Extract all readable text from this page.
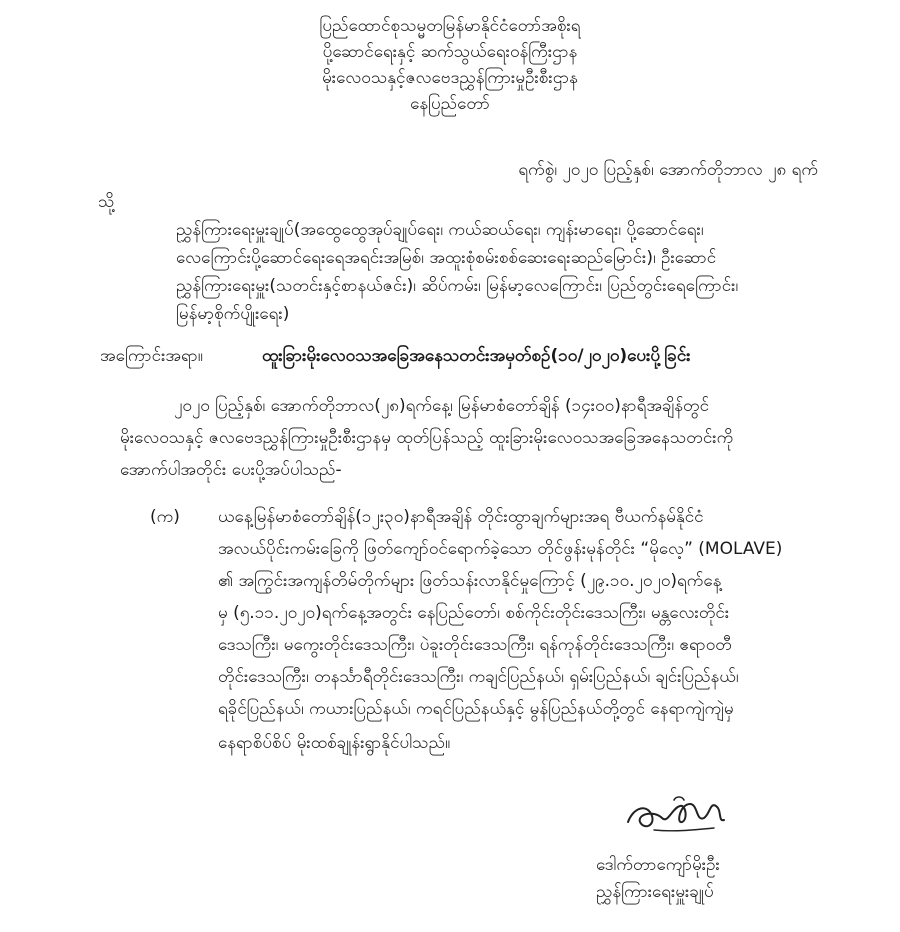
ပြည်ထောင်စုသမ္မတမြန်မာနိုင်ငံတော်အစိုးရ
ပို့ဆောင်ရေးနှင့် ဆက်သွယ်ရေးဝန်ကြီးဌာန
မိုးလေဝသနှင့်ဇလဗေဒညွှန်ကြားမှုဦးစီးဌာန
နေပြည်တော်
ရက်စွဲ၊ ၂၀၂၀ ပြည့်နှစ်၊ အောက်တိုဘာလ ၂၈ ရက်
သို့
ညွှန်ကြားရေးမှူးချုပ်(အထွေထွေအုပ်ချုပ်ရေး၊ ကယ်ဆယ်ရေး၊ ကျန်းမာရေး၊ ပို့ဆောင်ရေး၊
လေကြောင်းပို့ဆောင်ရေးရေအရင်းအမြစ်၊ အထူးစုံစမ်းစစ်ဆေးရေးဆည်မြောင်း)၊ ဦးဆောင်
ညွှန်ကြားရေးမှူး(သတင်းနှင့်စာနယ်ဇင်း)၊ ဆိပ်ကမ်း၊ မြန်မာ့လေကြောင်း၊ ပြည်တွင်းရေကြောင်း၊
မြန်မာ့စိုက်ပျိုးရေး)
အကြောင်းအရာ။	ထူးခြားမိုးလေဝသအခြေအနေသတင်းအမှတ်စဉ်(၁၀/၂၀၂၀)ပေးပို့ခြင်း
၂၀၂၀ ပြည့်နှစ်၊ အောက်တိုဘာလ(၂၈)ရက်နေ့၊ မြန်မာစံတော်ချိန် (၁၄း၀၀)နာရီအချိန်တွင်
မိုးလေဝသနှင့် ဇလဗေဒညွှန်ကြားမှုဦးစီးဌာနမှ ထုတ်ပြန်သည့် ထူးခြားမိုးလေဝသအခြေအနေသတင်းကို
အောက်ပါအတိုင်း ပေးပို့အပ်ပါသည်-
(က) ယနေ့မြန်မာစံတော်ချိန်(၁၂း၃၀)နာရီအချိန် တိုင်းထွာချက်များအရ ဗီယက်နမ်နိုင်ငံ
အလယ်ပိုင်းကမ်းခြေကို ဖြတ်ကျော်ဝင်ရောက်ခဲ့သော တိုင်ဖွန်းမုန်တိုင်း “မိုလေ့” (MOLAVE)
၏ အကြွင်းအကျန်တိမ်တိုက်များ ဖြတ်သန်းလာနိုင်မှုကြောင့် (၂၉.၁၀.၂၀၂၀)ရက်နေ့
မှ (၅.၁၁.၂၀၂၀)ရက်နေ့အတွင်း နေပြည်တော်၊ စစ်ကိုင်းတိုင်းဒေသကြီး၊ မန္တလေးတိုင်း
ဒေသကြီး၊ မကွေးတိုင်းဒေသကြီး၊ ပဲခူးတိုင်းဒေသကြီး၊ ရန်ကုန်တိုင်းဒေသကြီး၊ ဧရာဝတီ
တိုင်းဒေသကြီး၊ တနင်္သာရီတိုင်းဒေသကြီး၊ ကချင်ပြည်နယ်၊ ရှမ်းပြည်နယ်၊ ချင်းပြည်နယ်၊
ရခိုင်ပြည်နယ်၊ ကယားပြည်နယ်၊ ကရင်ပြည်နယ်နှင့် မွန်ပြည်နယ်တို့တွင် နေရာကျဲကျဲမှ
နေရာစိပ်စိပ် မိုးထစ်ချုန်းရွာနိုင်ပါသည်။
ဒေါက်တာကျော်မိုးဦး
ညွှန်ကြားရေးမှူးချုပ်
